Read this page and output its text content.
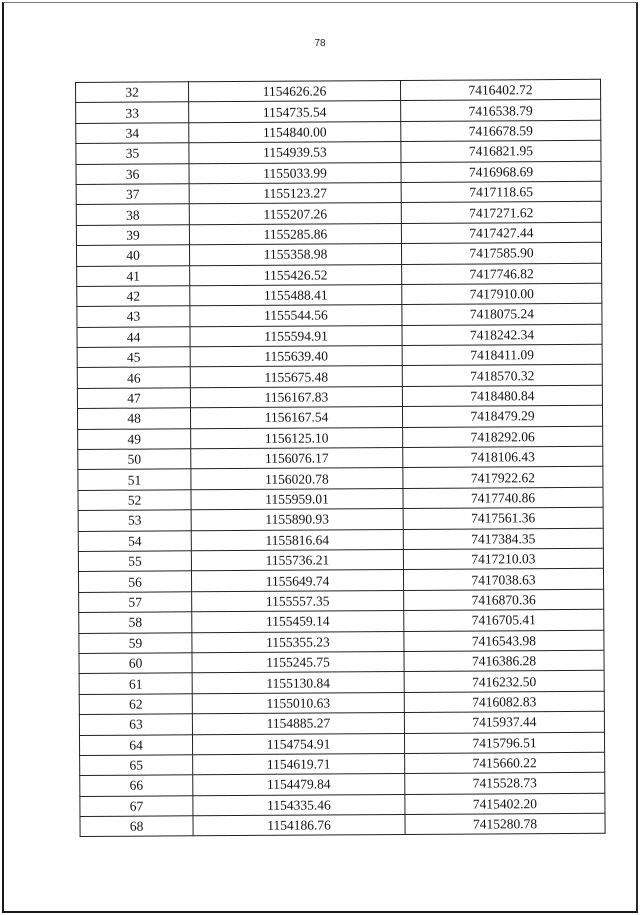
78
32	1154626.26	7416402.72
33	1154735.54	7416538.79
34	1154840.00	7416678.59
35	1154939.53	7416821.95
36	1155033.99	7416968.69
37	1155123.27	7417118.65
38	1155207.26	7417271.62
39	1155285.86	7417427.44
40	1155358.98	7417585.90
41	1155426.52	7417746.82
42	1155488.41	7417910.00
43	1155544.56	7418075.24
44	1155594.91	7418242.34
45	1155639.40	7418411.09
46	1155675.48	7418570.32
47	1156167.83	7418480.84
48	1156167.54	7418479.29
49	1156125.10	7418292.06
50	1156076.17	7418106.43
51	1156020.78	7417922.62
52	1155959.01	7417740.86
53	1155890.93	7417561.36
54	1155816.64	7417384.35
55	1155736.21	7417210.03
56	1155649.74	7417038.63
57	1155557.35	7416870.36
58	1155459.14	7416705.41
59	1155355.23	7416543.98
60	1155245.75	7416386.28
61	1155130.84	7416232.50
62	1155010.63	7416082.83
63	1154885.27	7415937.44
64	1154754.91	7415796.51
65	1154619.71	7415660.22
66	1154479.84	7415528.73
67	1154335.46	7415402.20
68	1154186.76	7415280.78
